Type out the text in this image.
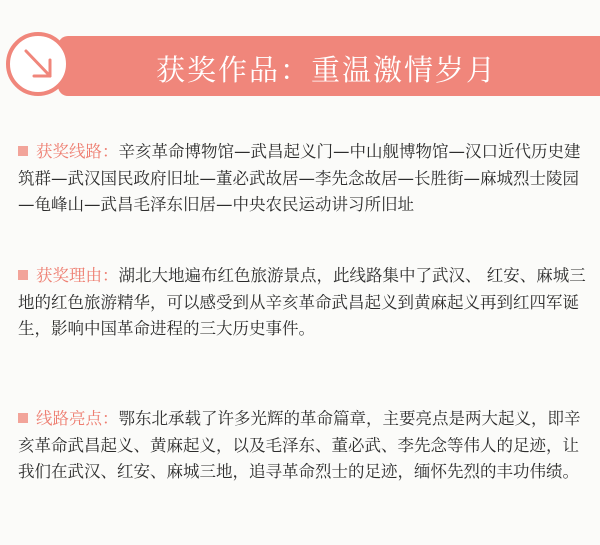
获奖作品：重温激情岁月
获奖线路：辛亥革命博物馆—武昌起义门—中山舰博物馆—汉口近代历史建筑群—武汉国民政府旧址—董必武故居—李先念故居—长胜街—麻城烈士陵园—龟峰山—武昌毛泽东旧居—中央农民运动讲习所旧址
获奖理由：湖北大地遍布红色旅游景点，此线路集中了武汉、 红安、麻城三地的红色旅游精华，可以感受到从辛亥革命武昌起义到黄麻起义再到红四军诞生，影响中国革命进程的三大历史事件。
线路亮点：鄂东北承载了许多光辉的革命篇章，主要亮点是两大起义，即辛亥革命武昌起义、黄麻起义，以及毛泽东、董必武、李先念等伟人的足迹，让我们在武汉、红安、麻城三地，追寻革命烈士的足迹，缅怀先烈的丰功伟绩。
